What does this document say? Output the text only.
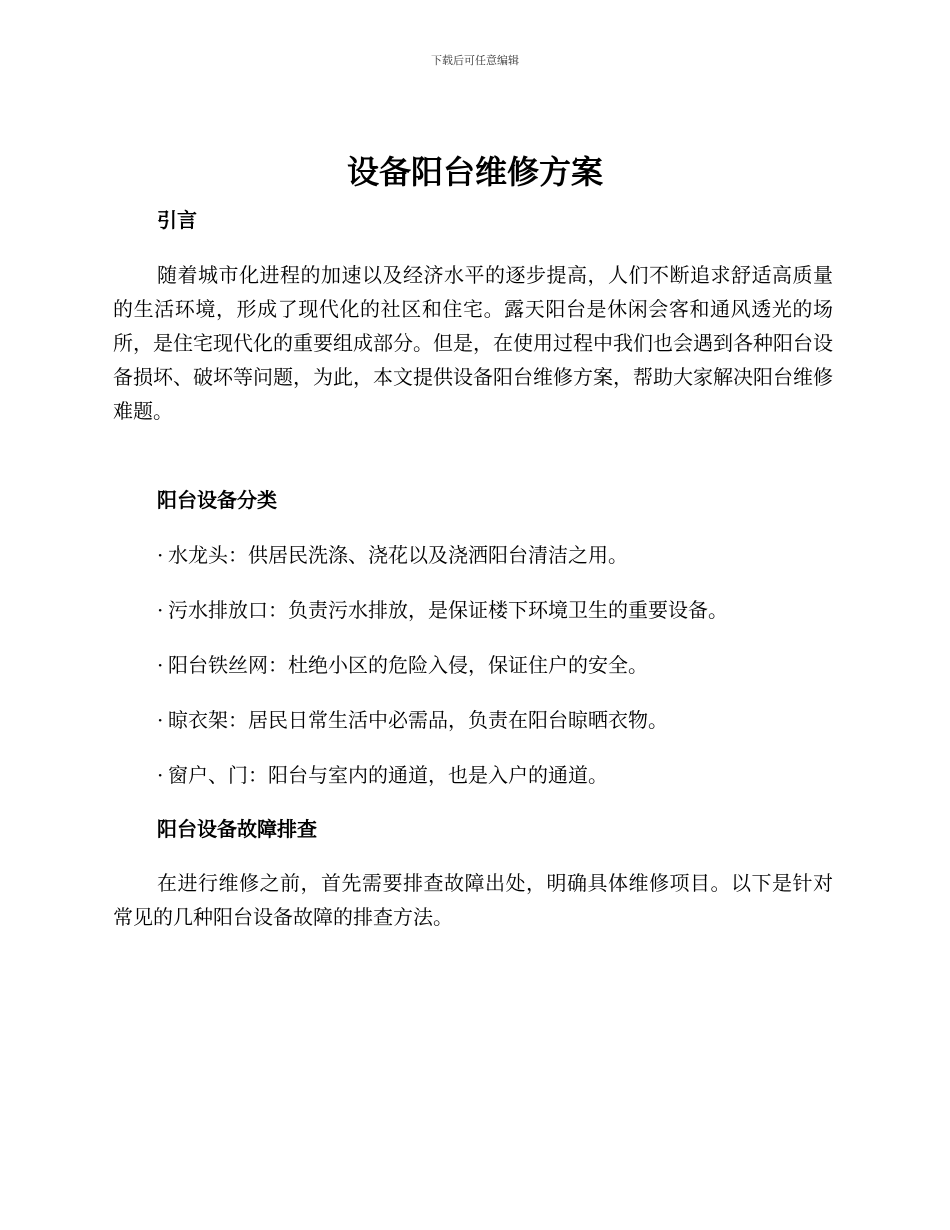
下载后可任意编辑
设备阳台维修方案
引言

随着城市化进程的加速以及经济水平的逐步提高，人们不断追求舒适高质量的生活环境，形成了现代化的社区和住宅。露天阳台是休闲会客和通风透光的场所，是住宅现代化的重要组成部分。但是，在使用过程中我们也会遇到各种阳台设备损坏、破坏等问题，为此，本文提供设备阳台维修方案，帮助大家解决阳台维修难题。

阳台设备分类
· 水龙头：供居民洗涤、浇花以及浇洒阳台清洁之用。
· 污水排放口：负责污水排放，是保证楼下环境卫生的重要设备。
· 阳台铁丝网：杜绝小区的危险入侵，保证住户的安全。
· 晾衣架：居民日常生活中必需品，负责在阳台晾晒衣物。
· 窗户、门：阳台与室内的通道，也是入户的通道。
阳台设备故障排查

在进行维修之前，首先需要排查故障出处，明确具体维修项目。以下是针对常见的几种阳台设备故障的排查方法。
